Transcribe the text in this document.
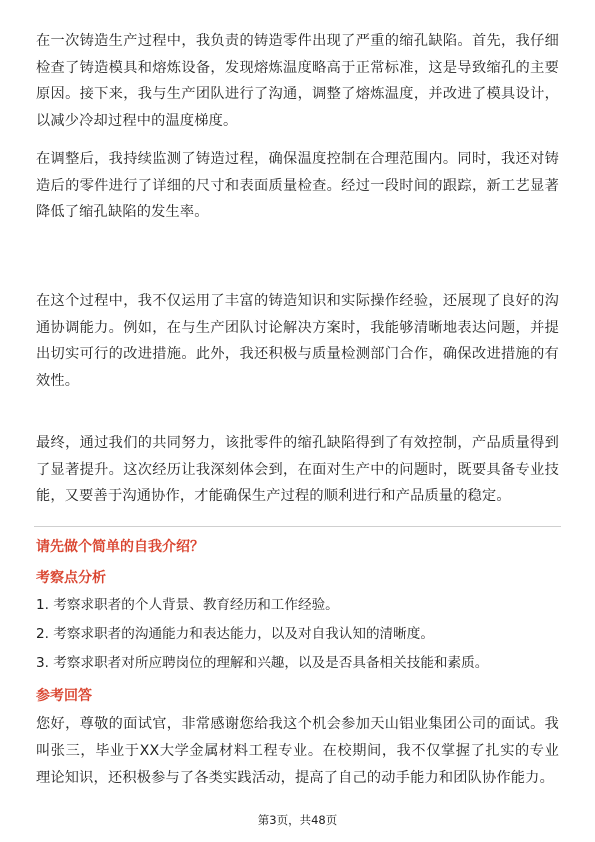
在一次铸造生产过程中，我负责的铸造零件出现了严重的缩孔缺陷。首先，我仔细检查了铸造模具和熔炼设备，发现熔炼温度略高于正常标准，这是导致缩孔的主要原因。接下来，我与生产团队进行了沟通，调整了熔炼温度，并改进了模具设计，以减少冷却过程中的温度梯度。

在调整后，我持续监测了铸造过程，确保温度控制在合理范围内。同时，我还对铸造后的零件进行了详细的尺寸和表面质量检查。经过一段时间的跟踪，新工艺显著降低了缩孔缺陷的发生率。

在这个过程中，我不仅运用了丰富的铸造知识和实际操作经验，还展现了良好的沟通协调能力。例如，在与生产团队讨论解决方案时，我能够清晰地表达问题，并提出切实可行的改进措施。此外，我还积极与质量检测部门合作，确保改进措施的有效性。

最终，通过我们的共同努力，该批零件的缩孔缺陷得到了有效控制，产品质量得到了显著提升。这次经历让我深刻体会到，在面对生产中的问题时，既要具备专业技能，又要善于沟通协作，才能确保生产过程的顺利进行和产品质量的稳定。

请先做个简单的自我介绍？

考察点分析

1. 考察求职者的个人背景、教育经历和工作经验。

2. 考察求职者的沟通能力和表达能力，以及对自我认知的清晰度。

3. 考察求职者对所应聘岗位的理解和兴趣，以及是否具备相关技能和素质。

参考回答

您好，尊敬的面试官，非常感谢您给我这个机会参加天山铝业集团公司的面试。我叫张三，毕业于XX大学金属材料工程专业。在校期间，我不仅掌握了扎实的专业理论知识，还积极参与了各类实践活动，提高了自己的动手能力和团队协作能力。

第3页，共48页
